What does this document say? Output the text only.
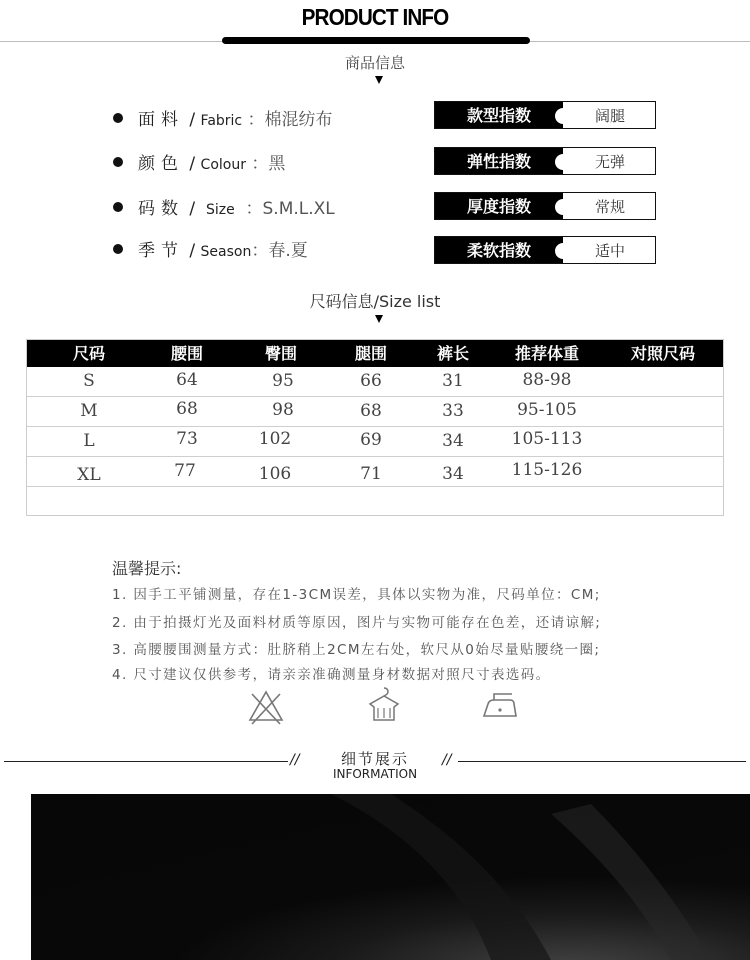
PRODUCT INFO
商品信息
面料 / Fabric ：棉混纺布
颜色 / Colour ：黑
码数 /  Size ：S.M.L.XL
季节 / Season：春.夏
款型指数	阔腿
弹性指数	无弹
厚度指数	常规
柔软指数	适中
尺码信息/Size list
尺码	腰围	臀围	腿围	裤长	推荐体重	对照尺码
S	64	95	66	31	88-98
M	68	98	68	33	95-105
L	73	102	69	34	105-113
XL	77	106	71	34	115-126
温馨提示:
1. 因手工平铺测量，存在1-3CM误差，具体以实物为准，尺码单位：CM;
2. 由于拍摄灯光及面料材质等原因，图片与实物可能存在色差，还请谅解;
3. 高腰腰围测量方式：肚脐稍上2CM左右处，软尺从0始尽量贴腰绕一圈;
4. 尺寸建议仅供参考，请亲亲准确测量身材数据对照尺寸表选码。
//	//
细节展示
INFORMATION
